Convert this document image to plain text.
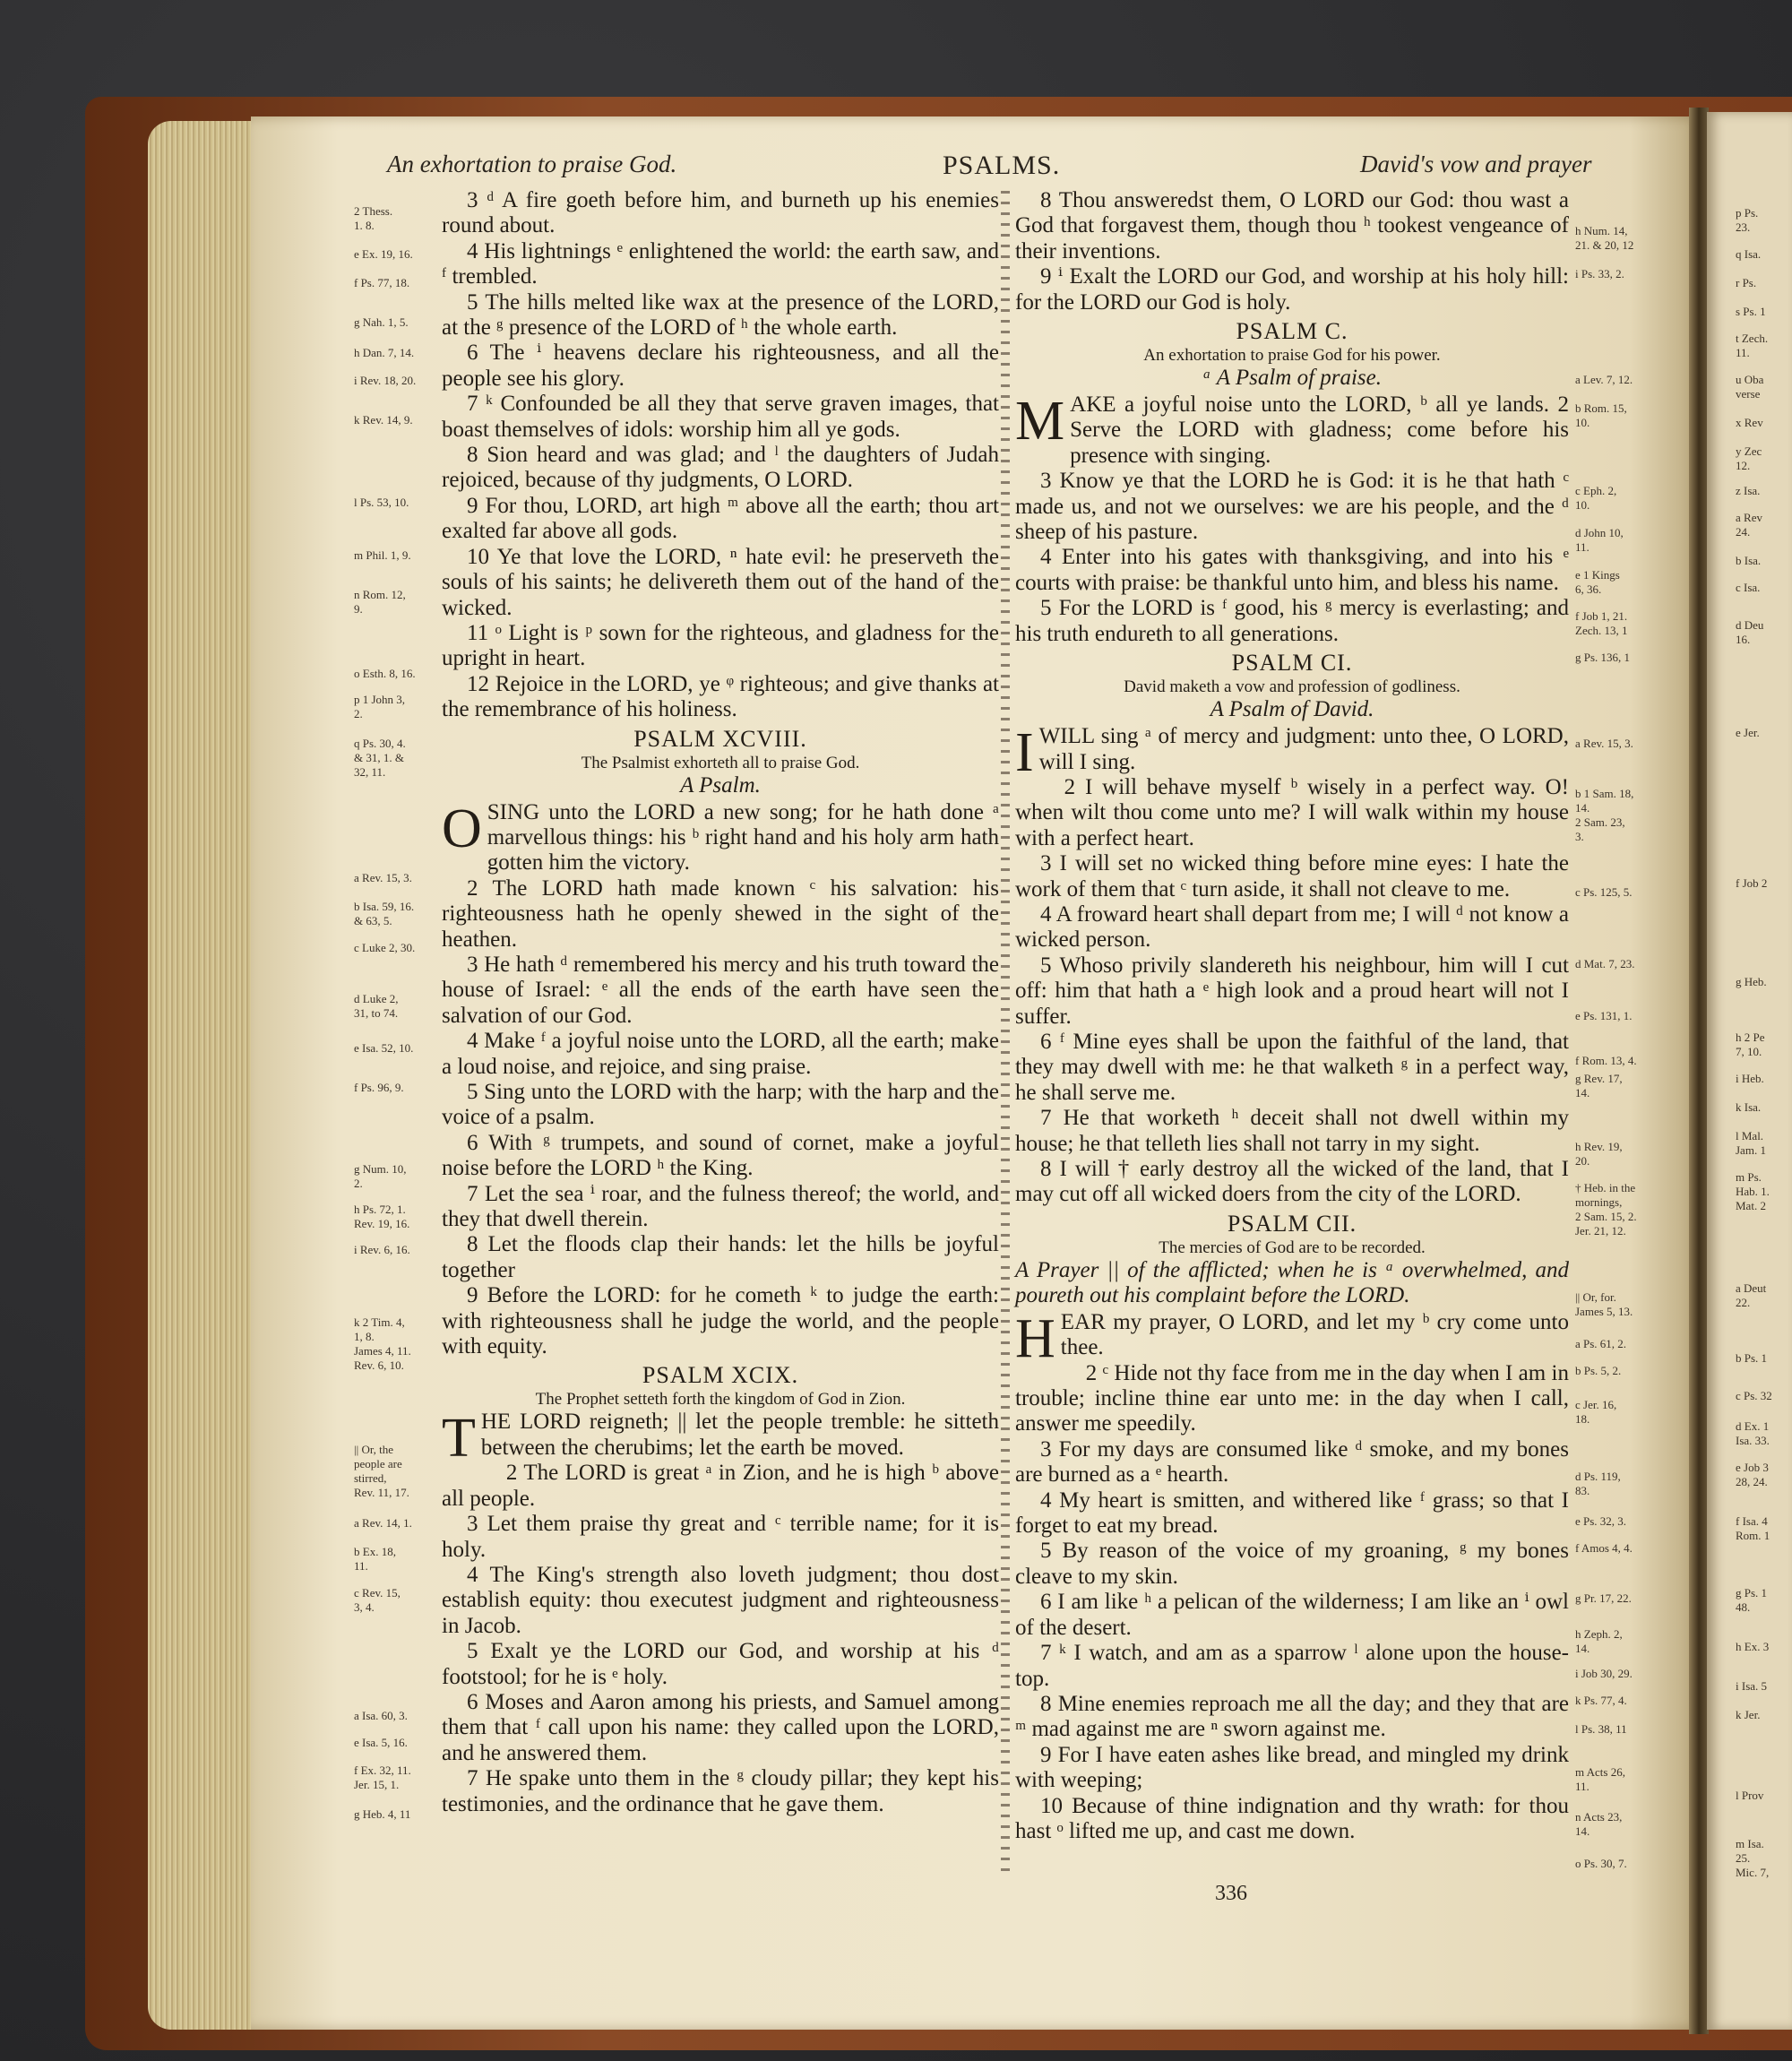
p Ps.
23.
q Isa.
r Ps.
s Ps. 1
t Zech.
11.
u Oba
verse
x Rev
y Zec
12.
z Isa.
a Rev
24.
b Isa.
c Isa.
d Deu
16.
e Jer.
f Job 2
g Heb.
h 2 Pe
7, 10.
i Heb.
k Isa.
l Mal.
Jam. 1
m Ps.
Hab. 1.
Mat. 2
a Deut
22.
b Ps. 1
c Ps. 32
d Ex. 1
Isa. 33.
e Job 3
28, 24.
f Isa. 4
Rom. 1
g Ps. 1
48.
h Ex. 3
i Isa. 5
k Jer.
l Prov
m Isa.
25.
Mic. 7,
An exhortation to praise God.	PSALMS.	David's vow and prayer

3 ᵈ A fire goeth before him, and burneth up his enemies round about.

4 His lightnings ᵉ enlightened the world: the earth saw, and ᶠ trembled.

5 The hills melted like wax at the presence of the LORD, at the ᵍ presence of the LORD of ʰ the whole earth.

6 The ⁱ heavens declare his righteousness, and all the people see his glory.

7 ᵏ Confounded be all they that serve graven images, that boast themselves of idols: worship him all ye gods.

8 Sion heard and was glad; and ˡ the daughters of Judah rejoiced, because of thy judgments, O LORD.

9 For thou, LORD, art high ᵐ above all the earth; thou art exalted far above all gods.

10 Ye that love the LORD, ⁿ hate evil: he preserveth the souls of his saints; he delivereth them out of the hand of the wicked.

11 ᵒ Light is ᵖ sown for the righteous, and gladness for the upright in heart.

12 Rejoice in the LORD, ye ᵠ righteous; and give thanks at the remembrance of his holiness.

PSALM XCVIII.

The Psalmist exhorteth all to praise God.

A Psalm.

OSING unto the LORD a new song; for he hath done ᵃ marvellous things: his ᵇ right hand and his holy arm hath gotten him the victory.

2 The LORD hath made known ᶜ his salvation: his righteousness hath he openly shewed in the sight of the heathen.

3 He hath ᵈ remembered his mercy and his truth toward the house of Israel: ᵉ all the ends of the earth have seen the salvation of our God.

4 Make ᶠ a joyful noise unto the LORD, all the earth; make a loud noise, and rejoice, and sing praise.

5 Sing unto the LORD with the harp; with the harp and the voice of a psalm.

6 With ᵍ trumpets, and sound of cornet, make a joyful noise before the LORD ʰ the King.

7 Let the sea ⁱ roar, and the fulness thereof; the world, and they that dwell therein.

8 Let the floods clap their hands: let the hills be joyful together

9 Before the LORD: for he cometh ᵏ to judge the earth: with righteousness shall he judge the world, and the people with equity.

PSALM XCIX.

The Prophet setteth forth the kingdom of God in Zion.

THE LORD reigneth; || let the people tremble: he sitteth between the cherubims; let the earth be moved.

2 The LORD is great ᵃ in Zion, and he is high ᵇ above all people.

3 Let them praise thy great and ᶜ terrible name; for it is holy.

4 The King's strength also loveth judgment; thou dost establish equity: thou executest judgment and righteousness in Jacob.

5 Exalt ye the LORD our God, and worship at his ᵈ footstool; for he is ᵉ holy.

6 Moses and Aaron among his priests, and Samuel among them that ᶠ call upon his name: they called upon the LORD, and he answered them.

7 He spake unto them in the ᵍ cloudy pillar; they kept his testimonies, and the ordinance that he gave them.

8 Thou answeredst them, O LORD our God: thou wast a God that forgavest them, though thou ʰ tookest vengeance of their inventions.

9 ⁱ Exalt the LORD our God, and worship at his holy hill: for the LORD our God is holy.

PSALM C.

An exhortation to praise God for his power.

ᵃ A Psalm of praise.

MAKE a joyful noise unto the LORD, ᵇ all ye lands. 2 Serve the LORD with gladness; come before his presence with singing.

3 Know ye that the LORD he is God: it is he that hath ᶜ made us, and not we ourselves: we are his people, and the ᵈ sheep of his pasture.

4 Enter into his gates with thanksgiving, and into his ᵉ courts with praise: be thankful unto him, and bless his name.

5 For the LORD is ᶠ good, his ᵍ mercy is everlasting; and his truth endureth to all generations.

PSALM CI.

David maketh a vow and profession of godliness.

A Psalm of David.

IWILL sing ᵃ of mercy and judgment: unto thee, O LORD, will I sing.

2 I will behave myself ᵇ wisely in a perfect way. O! when wilt thou come unto me? I will walk within my house with a perfect heart.

3 I will set no wicked thing before mine eyes: I hate the work of them that ᶜ turn aside, it shall not cleave to me.

4 A froward heart shall depart from me; I will ᵈ not know a wicked person.

5 Whoso privily slandereth his neighbour, him will I cut off: him that hath a ᵉ high look and a proud heart will not I suffer.

6 ᶠ Mine eyes shall be upon the faithful of the land, that they may dwell with me: he that walketh ᵍ in a perfect way, he shall serve me.

7 He that worketh ʰ deceit shall not dwell within my house; he that telleth lies shall not tarry in my sight.

8 I will † early destroy all the wicked of the land, that I may cut off all wicked doers from the city of the LORD.

PSALM CII.

The mercies of God are to be recorded.

A Prayer || of the afflicted; when he is ᵃ overwhelmed, and poureth out his complaint before the LORD.

HEAR my prayer, O LORD, and let my ᵇ cry come unto thee.

2 ᶜ Hide not thy face from me in the day when I am in trouble; incline thine ear unto me: in the day when I call, answer me speedily.

3 For my days are consumed like ᵈ smoke, and my bones are burned as a ᵉ hearth.

4 My heart is smitten, and withered like ᶠ grass; so that I forget to eat my bread.

5 By reason of the voice of my groaning, ᵍ my bones cleave to my skin.

6 I am like ʰ a pelican of the wilderness; I am like an ⁱ owl of the desert.

7 ᵏ I watch, and am as a sparrow ˡ alone upon the house-top.

8 Mine enemies reproach me all the day; and they that are ᵐ mad against me are ⁿ sworn against me.

9 For I have eaten ashes like bread, and mingled my drink with weeping;

10 Because of thine indignation and thy wrath: for thou hast ᵒ lifted me up, and cast me down.

2 Thess.
1. 8.
e Ex. 19, 16.
f Ps. 77, 18.
g Nah. 1, 5.
h Dan. 7, 14.
i Rev. 18, 20.
k Rev. 14, 9.
l Ps. 53, 10.
m Phil. 1, 9.
n Rom. 12,
9.
o Esth. 8, 16.
p 1 John 3,
2.
q Ps. 30, 4.
& 31, 1. &
32, 11.
a Rev. 15, 3.
b Isa. 59, 16.
& 63, 5.
c Luke 2, 30.
d Luke 2,
31, to 74.
e Isa. 52, 10.
f Ps. 96, 9.
g Num. 10,
2.
h Ps. 72, 1.
Rev. 19, 16.
i Rev. 6, 16.
k 2 Tim. 4,
1, 8.
James 4, 11.
Rev. 6, 10.
|| Or, the
people are
stirred,
Rev. 11, 17.
a Rev. 14, 1.
b Ex. 18,
11.
c Rev. 15,
3, 4.
a Isa. 60, 3.
e Isa. 5, 16.
f Ex. 32, 11.
Jer. 15, 1.
g Heb. 4, 11
h Num. 14,
21. & 20, 12
i Ps. 33, 2.
a Lev. 7, 12.
b Rom. 15,
10.
c Eph. 2,
10.
d John 10,
11.
e 1 Kings
6, 36.
f Job 1, 21.
Zech. 13, 1
g Ps. 136, 1
a Rev. 15, 3.
b 1 Sam. 18,
14.
2 Sam. 23,
3.
c Ps. 125, 5.
d Mat. 7, 23.
e Ps. 131, 1.
f Rom. 13, 4.
g Rev. 17,
14.
h Rev. 19,
20.
† Heb. in the
mornings,
2 Sam. 15, 2.
Jer. 21, 12.
|| Or, for.
James 5, 13.
a Ps. 61, 2.
b Ps. 5, 2.
c Jer. 16,
18.
d Ps. 119,
83.
e Ps. 32, 3.
f Amos 4, 4.
g Pr. 17, 22.
h Zeph. 2,
14.
i Job 30, 29.
k Ps. 77, 4.
l Ps. 38, 11
m Acts 26,
11.
n Acts 23,
14.
o Ps. 30, 7.
336
